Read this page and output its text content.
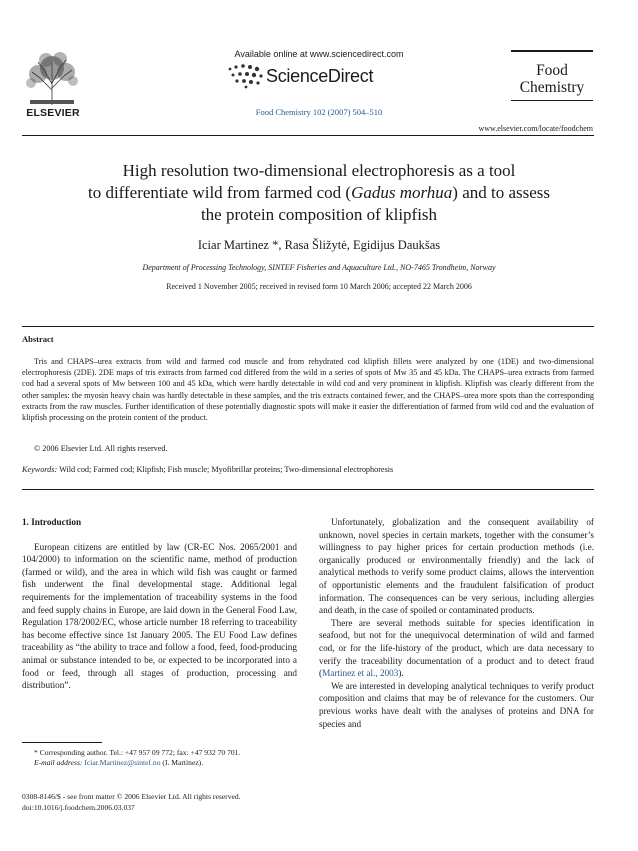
ELSEVIER
Available online at www.sciencedirect.com
ScienceDirect
Food Chemistry 102 (2007) 504–510
Food
Chemistry
www.elsevier.com/locate/foodchem
High resolution two-dimensional electrophoresis as a tool
to differentiate wild from farmed cod (Gadus morhua) and to assess
the protein composition of klipfish
Iciar Martinez *, Rasa Šližytė, Egidijus Daukšas
Department of Processing Technology, SINTEF Fisheries and Aquaculture Ltd., NO-7465 Trondheim, Norway
Received 1 November 2005; received in revised form 10 March 2006; accepted 22 March 2006
Abstract
Tris and CHAPS–urea extracts from wild and farmed cod muscle and from rehydrated cod klipfish fillets were analyzed by one (1DE) and two-dimensional electrophoresis (2DE). 2DE maps of tris extracts from farmed cod differed from the wild in a series of spots of Mw 35 and 45 kDa. The CHAPS–urea extracts from farmed cod had a several spots of Mw between 100 and 45 kDa, which were hardly detectable in wild cod and very prominent in klipfish. Klipfish was clearly different from the other samples: the myosin heavy chain was hardly detectable in these samples, and the tris extracts contained fewer, and the CHAPS–urea more spots than the corresponding extracts from the raw muscles. Further identification of these potentially diagnostic spots will make it easier the differentiation of farmed from wild cod and the evaluation of klipfish processing on the protein content of the product.
© 2006 Elsevier Ltd. All rights reserved.
Keywords: Wild cod; Farmed cod; Klipfish; Fish muscle; Myofibrillar proteins; Two-dimensional electrophoresis
1. Introduction
European citizens are entitled by law (CR-EC Nos. 2065/2001 and 104/2000) to information on the scientific name, method of production (farmed or wild), and the area in which wild fish was caught or farmed fish underwent the final developmental stage. Additional legal requirements for the implementation of traceability systems in the food and feed supply chains in Europe, are laid down in the General Food Law, Regulation 178/2002/EC, whose article number 18 referring to traceability has become effective since 1st January 2005. The EU Food Law defines traceability as “the ability to trace and follow a food, feed, food-producing animal or substance intended to be, or expected to be incorporated into a food or feed, through all stages of production, processing and distribution”.
Unfortunately, globalization and the consequent availability of unknown, novel species in certain markets, together with the consumer’s willingness to pay higher prices for certain production methods (i.e. organically produced or environmentally friendly) and the lack of analytical methods to verify some product claims, allows the intervention of opportunistic elements and the fraudulent falsification of product information. The consequences can be very serious, including allergies and death, in the case of spoiled or contaminated products.
There are several methods suitable for species identification in seafood, but not for the unequivocal determination of wild and farmed cod, or for the life-history of the product, which are data necessary to verify the traceability documentation of a product and to detect fraud (Martinez et al., 2003).
We are interested in developing analytical techniques to verify product composition and claims that may be of relevance for the customers. Our previous works have dealt with the analyses of proteins and DNA for species and
* Corresponding author. Tel.: +47 957 09 772; fax: +47 932 70 701.
E-mail address: Iciar.Martinez@sintef.no (I. Martinez).
0308-8146/$ - see front matter © 2006 Elsevier Ltd. All rights reserved.
doi:10.1016/j.foodchem.2006.03.037
